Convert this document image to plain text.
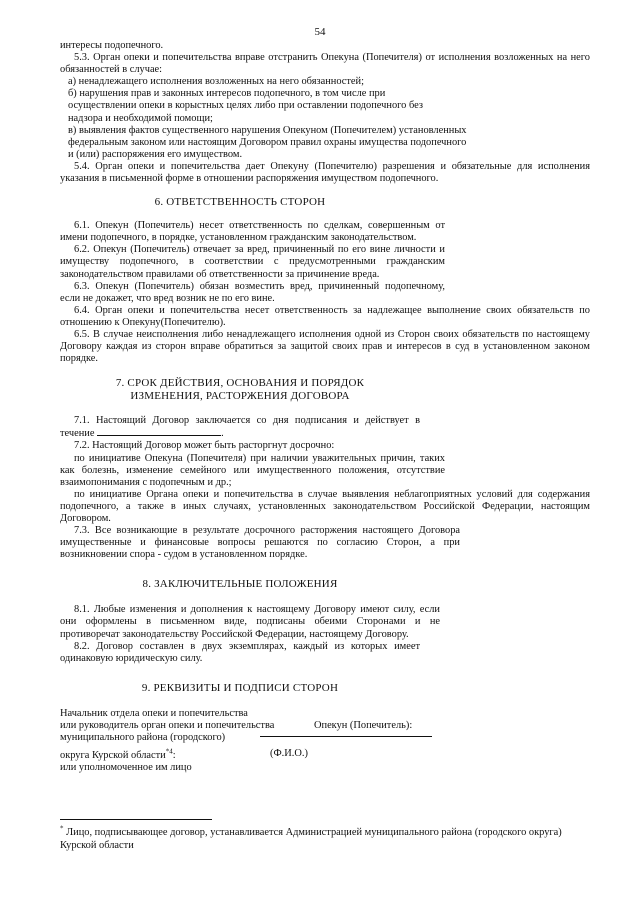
54

интересы подопечного.

5.3. Орган опеки и попечительства вправе отстранить Опекуна (Попечителя) от исполнения возложенных на него обязанностей в случае:

а) ненадлежащего исполнения возложенных на него обязанностей;

б) нарушения прав и законных интересов подопечного, в том числе при осуществлении опеки в корыстных целях либо при оставлении подопечного без надзора и необходимой помощи;

в) выявления фактов существенного нарушения Опекуном (Попечителем) установленных федеральным законом или настоящим Договором правил охраны имущества подопечного и (или) распоряжения его имуществом.

5.4. Орган опеки и попечительства дает Опекуну (Попечителю) разрешения и обязательные для исполнения указания в письменной форме в отношении распоряжения имуществом подопечного.

6. ОТВЕТСТВЕННОСТЬ СТОРОН

6.1. Опекун (Попечитель) несет ответственность по сделкам, совершенным от имени подопечного, в порядке, установленном гражданским законодательством.

6.2. Опекун (Попечитель) отвечает за вред, причиненный по его вине личности и имуществу подопечного, в соответствии с предусмотренными гражданским законодательством правилами об ответственности за причинение вреда.

6.3. Опекун (Попечитель) обязан возместить вред, причиненный подопечному, если не докажет, что вред возник не по его вине.

6.4. Орган опеки и попечительства несет ответственность за надлежащее выполнение своих обязательств по отношению к Опекуну(Попечителю).

6.5. В случае неисполнения либо ненадлежащего исполнения одной из Сторон своих обязательств по настоящему Договору каждая из сторон вправе обратиться за защитой своих прав и интересов в суд в установленном законом порядке.

7. СРОК ДЕЙСТВИЯ, ОСНОВАНИЯ И ПОРЯДОК

ИЗМЕНЕНИЯ, РАСТОРЖЕНИЯ ДОГОВОРА

7.1. Настоящий Договор заключается со дня подписания и действует в течение	.

7.2. Настоящий Договор может быть расторгнут досрочно:

по инициативе Опекуна (Попечителя) при наличии уважительных причин, таких как болезнь, изменение семейного или имущественного положения, отсутствие взаимопонимания с подопечным и др.;

по инициативе Органа опеки и попечительства в случае выявления неблагоприятных условий для содержания подопечного, а также в иных случаях, установленных законодательством Российской Федерации, настоящим Договором.

7.3. Все возникающие в результате досрочного расторжения настоящего Договора имущественные и финансовые вопросы решаются по согласию Сторон, а при возникновении спора - судом в установленном порядке.

8. ЗАКЛЮЧИТЕЛЬНЫЕ ПОЛОЖЕНИЯ

8.1. Любые изменения и дополнения к настоящему Договору имеют силу, если они оформлены в письменном виде, подписаны обеими Сторонами и не противоречат законодательству Российской Федерации, настоящему Договору.

8.2. Договор составлен в двух экземплярах, каждый из которых имеет одинаковую юридическую силу.

9. РЕКВИЗИТЫ И ПОДПИСИ СТОРОН

Начальник отдела опеки и попечительства

или руководитель орган опеки и попечительства

муниципального района (городского)

округа Курской области$^{*4}$:

или уполномоченное им лицо

Опекун (Попечитель):
(Ф.И.О.)
* Лицо, подписывающее договор, устанавливается Администрацией муниципального района (городского округа) Курской области
